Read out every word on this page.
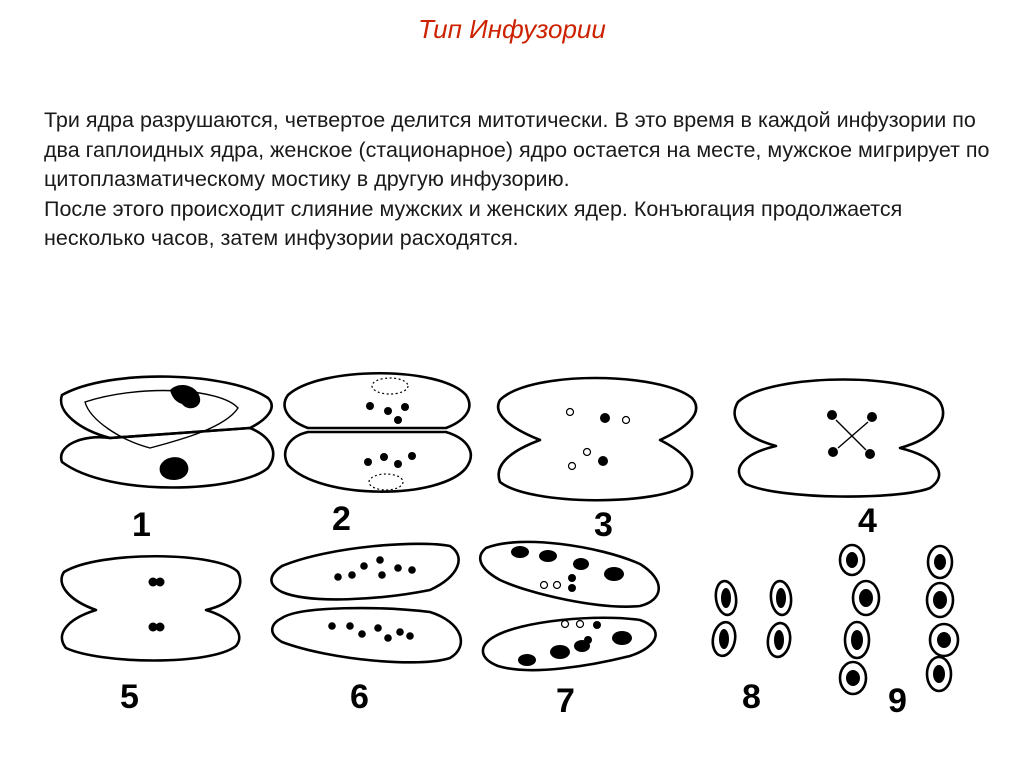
Тип Инфузории

Три ядра разрушаются, четвертое делится митотически. В это время в каждой инфузории по два гаплоидных ядра, женское (стационарное) ядро остается на месте, мужское мигрирует по цитоплазматическому мостику в другую инфузорию.

После этого происходит слияние мужских и женских ядер. Конъюгация продолжается несколько часов, затем инфузории расходятся.

1	2	3	4
5	6	7	8	9
